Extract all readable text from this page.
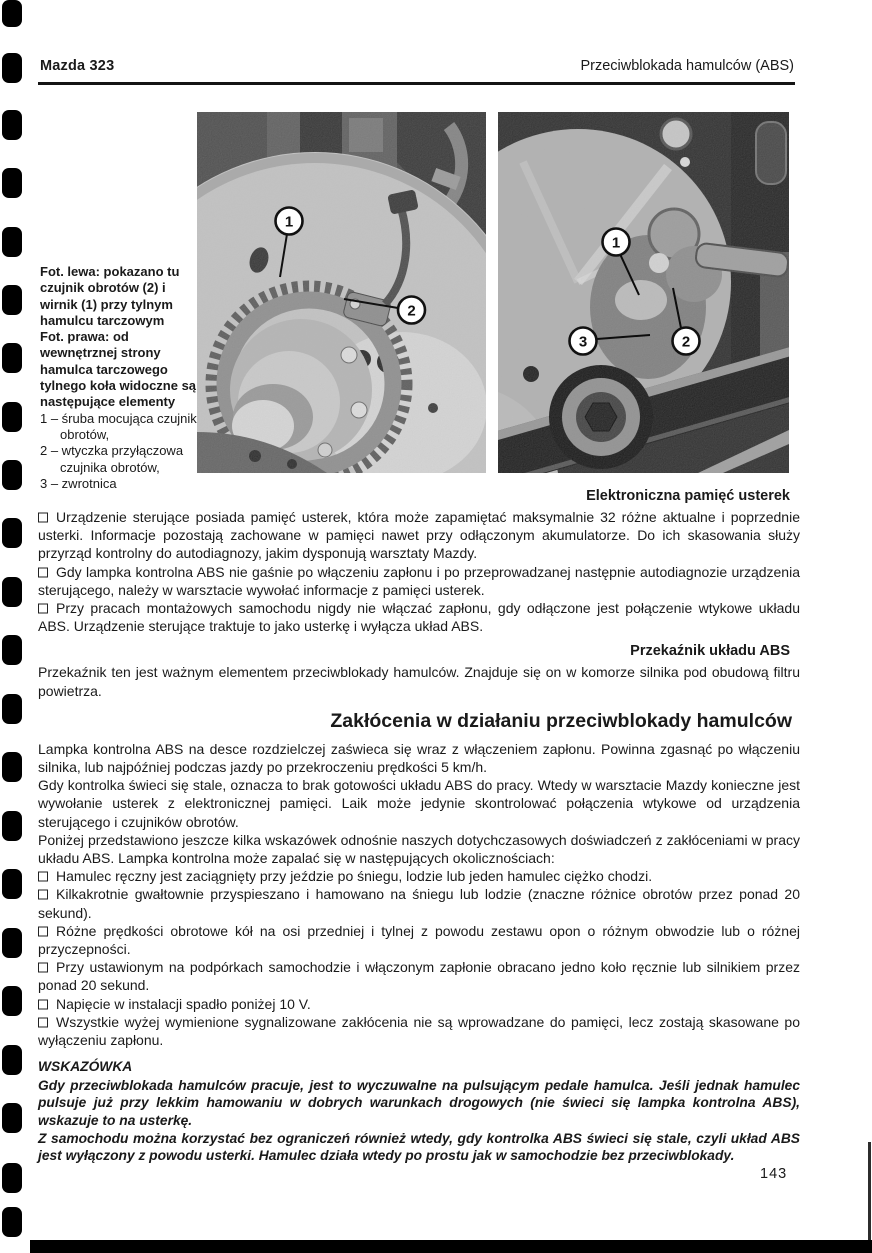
Mazda 323	Przeciwblokada hamulców (ABS)
1
2
1
2
3
Fot. lewa: pokazano tu czujnik obrotów (2) i wirnik (1) przy tylnym hamulcu tarczowym
Fot. prawa: od wewnętrznej strony hamulca tarczowego tylnego koła widoczne są następujące elementy
1 – śruba mocująca czujnik obrotów,
2 – wtyczka przyłączowa czujnika obrotów,
3 – zwrotnica
Elektroniczna pamięć usterek

Urządzenie sterujące posiada pamięć usterek, która może zapamiętać maksymalnie 32 różne aktualne i poprzednie usterki. Informacje pozostają zachowane w pamięci nawet przy odłączonym akumulatorze. Do ich skasowania służy przyrząd kontrolny do autodiagnozy, jakim dysponują warsztaty Mazdy.

Gdy lampka kontrolna ABS nie gaśnie po włączeniu zapłonu i po przeprowadzanej następnie autodiagnozie urządzenia sterującego, należy w warsztacie wywołać informacje z pamięci usterek.

Przy pracach montażowych samochodu nigdy nie włączać zapłonu, gdy odłączone jest połączenie wtykowe układu ABS. Urządzenie sterujące traktuje to jako usterkę i wyłącza układ ABS.

Przekaźnik układu ABS

Przekaźnik ten jest ważnym elementem przeciwblokady hamulców. Znajduje się on w komorze silnika pod obudową filtru powietrza.

Zakłócenia w działaniu przeciwblokady hamulców

Lampka kontrolna ABS na desce rozdzielczej zaświeca się wraz z włączeniem zapłonu. Powinna zgasnąć po włączeniu silnika, lub najpóźniej podczas jazdy po przekroczeniu prędkości 5 km/h.

Gdy kontrolka świeci się stale, oznacza to brak gotowości układu ABS do pracy. Wtedy w warsztacie Mazdy konieczne jest wywołanie usterek z elektronicznej pamięci. Laik może jedynie skontrolować połączenia wtykowe od urządzenia sterującego i czujników obrotów.

Poniżej przedstawiono jeszcze kilka wskazówek odnośnie naszych dotychczasowych doświadczeń z zakłóceniami w pracy układu ABS. Lampka kontrolna może zapalać się w następujących okolicznościach:

Hamulec ręczny jest zaciągnięty przy jeździe po śniegu, lodzie lub jeden hamulec ciężko chodzi.

Kilkakrotnie gwałtownie przyspieszano i hamowano na śniegu lub lodzie (znaczne różnice obrotów przez ponad 20 sekund).

Różne prędkości obrotowe kół na osi przedniej i tylnej z powodu zestawu opon o różnym obwodzie lub o różnej przyczepności.

Przy ustawionym na podpórkach samochodzie i włączonym zapłonie obracano jedno koło ręcznie lub silnikiem przez ponad 20 sekund.

Napięcie w instalacji spadło poniżej 10 V.

Wszystkie wyżej wymienione sygnalizowane zakłócenia nie są wprowadzane do pamięci, lecz zostają skasowane po wyłączeniu zapłonu.

WSKAZÓWKA

Gdy przeciwblokada hamulców pracuje, jest to wyczuwalne na pulsującym pedale hamulca. Jeśli jednak hamulec pulsuje już przy lekkim hamowaniu w dobrych warunkach drogowych (nie świeci się lampka kontrolna ABS), wskazuje to na usterkę.

Z samochodu można korzystać bez ograniczeń również wtedy, gdy kontrolka ABS świeci się stale, czyli układ ABS jest wyłączony z powodu usterki. Hamulec działa wtedy po prostu jak w samochodzie bez przeciwblokady.

143
